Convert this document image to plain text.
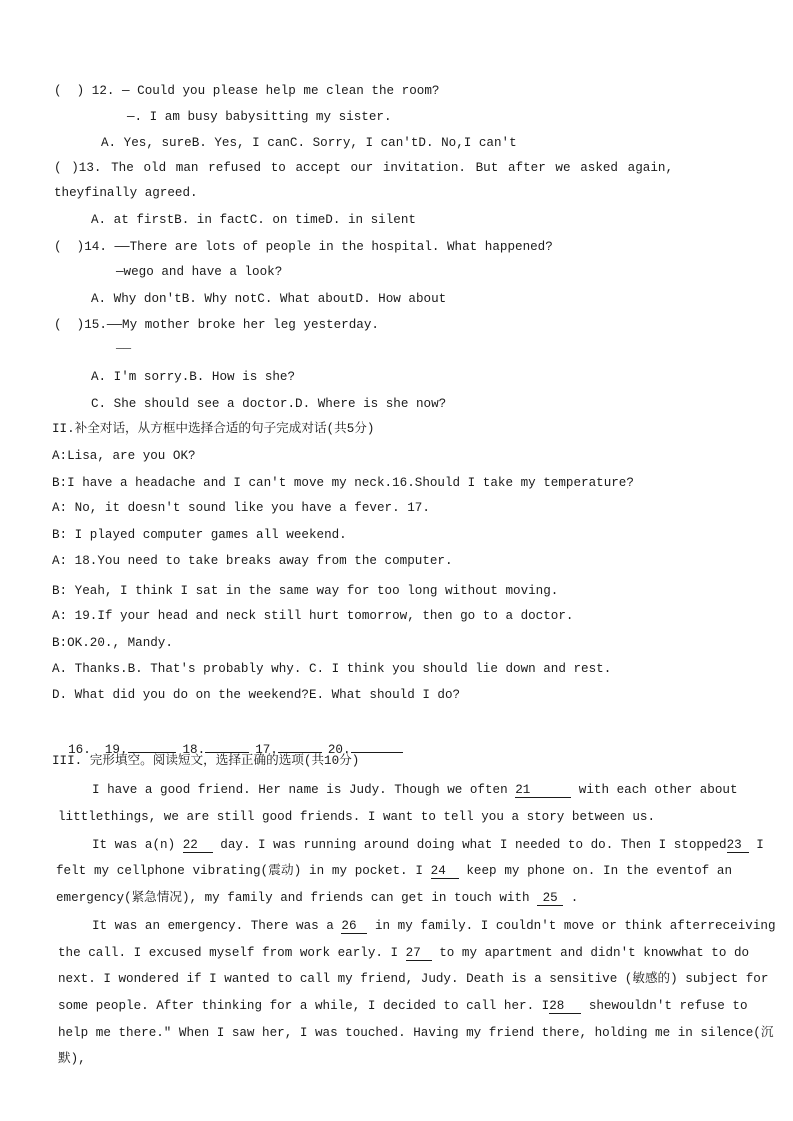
(  ) 12. — Could you please help me clean the room?
—. I am busy babysitting my sister.
A. Yes, sureB. Yes, I canC. Sorry, I can'tD. No,I can't
( )13. The old man refused to accept our invitation. But after we asked again,
theyfinally agreed.
A. at firstB. in factC. on timeD. in silent
(  )14. ——There are lots of people in the hospital. What happened?
—wego and have a look?
A. Why don'tB. Why notC. What aboutD. How about
(  )15.——My mother broke her leg yesterday.
——
A. I'm sorry.B. How is she?
C. She should see a doctor.D. Where is she now?
II.补全对话，从方框中选择合适的句子完成对话(共5分)
A:Lisa, are you OK?
B:I have a headache and I can't move my neck.16.Should I take my temperature?
A: No, it doesn't sound like you have a fever. 17.
B: I played computer games all weekend.
A: 18.You need to take breaks away from the computer.
B: Yeah, I think I sat in the same way for too long without moving.
A: 19.If your head and neck still hurt tomorrow, then go to a doctor.
B:OK.20., Mandy.
A. Thanks.B. That's probably why. C. I think you should lie down and rest.
D. What did you do on the weekend?E. What should I do?

16. 19.	18.	17.	20.

III. 完形填空。阅读短文，选择正确的选项(共10分)
I have a good friend. Her name is Judy. Though we often 21	with each other about
littlethings, we are still good friends. I want to tell you a story between us.
It was a(n) 22 day. I was running around doing what I needed to do. Then I stopped23 I
felt my cellphone vibrating(震动) in my pocket. I 24 keep my phone on. In the eventof an
emergency(紧急情况), my family and friends can get in touch with 25 .
It was an emergency. There was a 26 in my family. I couldn't move or think afterreceiving
the call. I excused myself from work early. I 27 to my apartment and didn't knowwhat to do
next. I wondered if I wanted to call my friend, Judy. Death is a sensitive (敏感的) subject for
some people. After thinking for a while, I decided to call her. I28 shewouldn't refuse to
help me there." When I saw her, I was touched. Having my friend there, holding me in silence(沉
默),
